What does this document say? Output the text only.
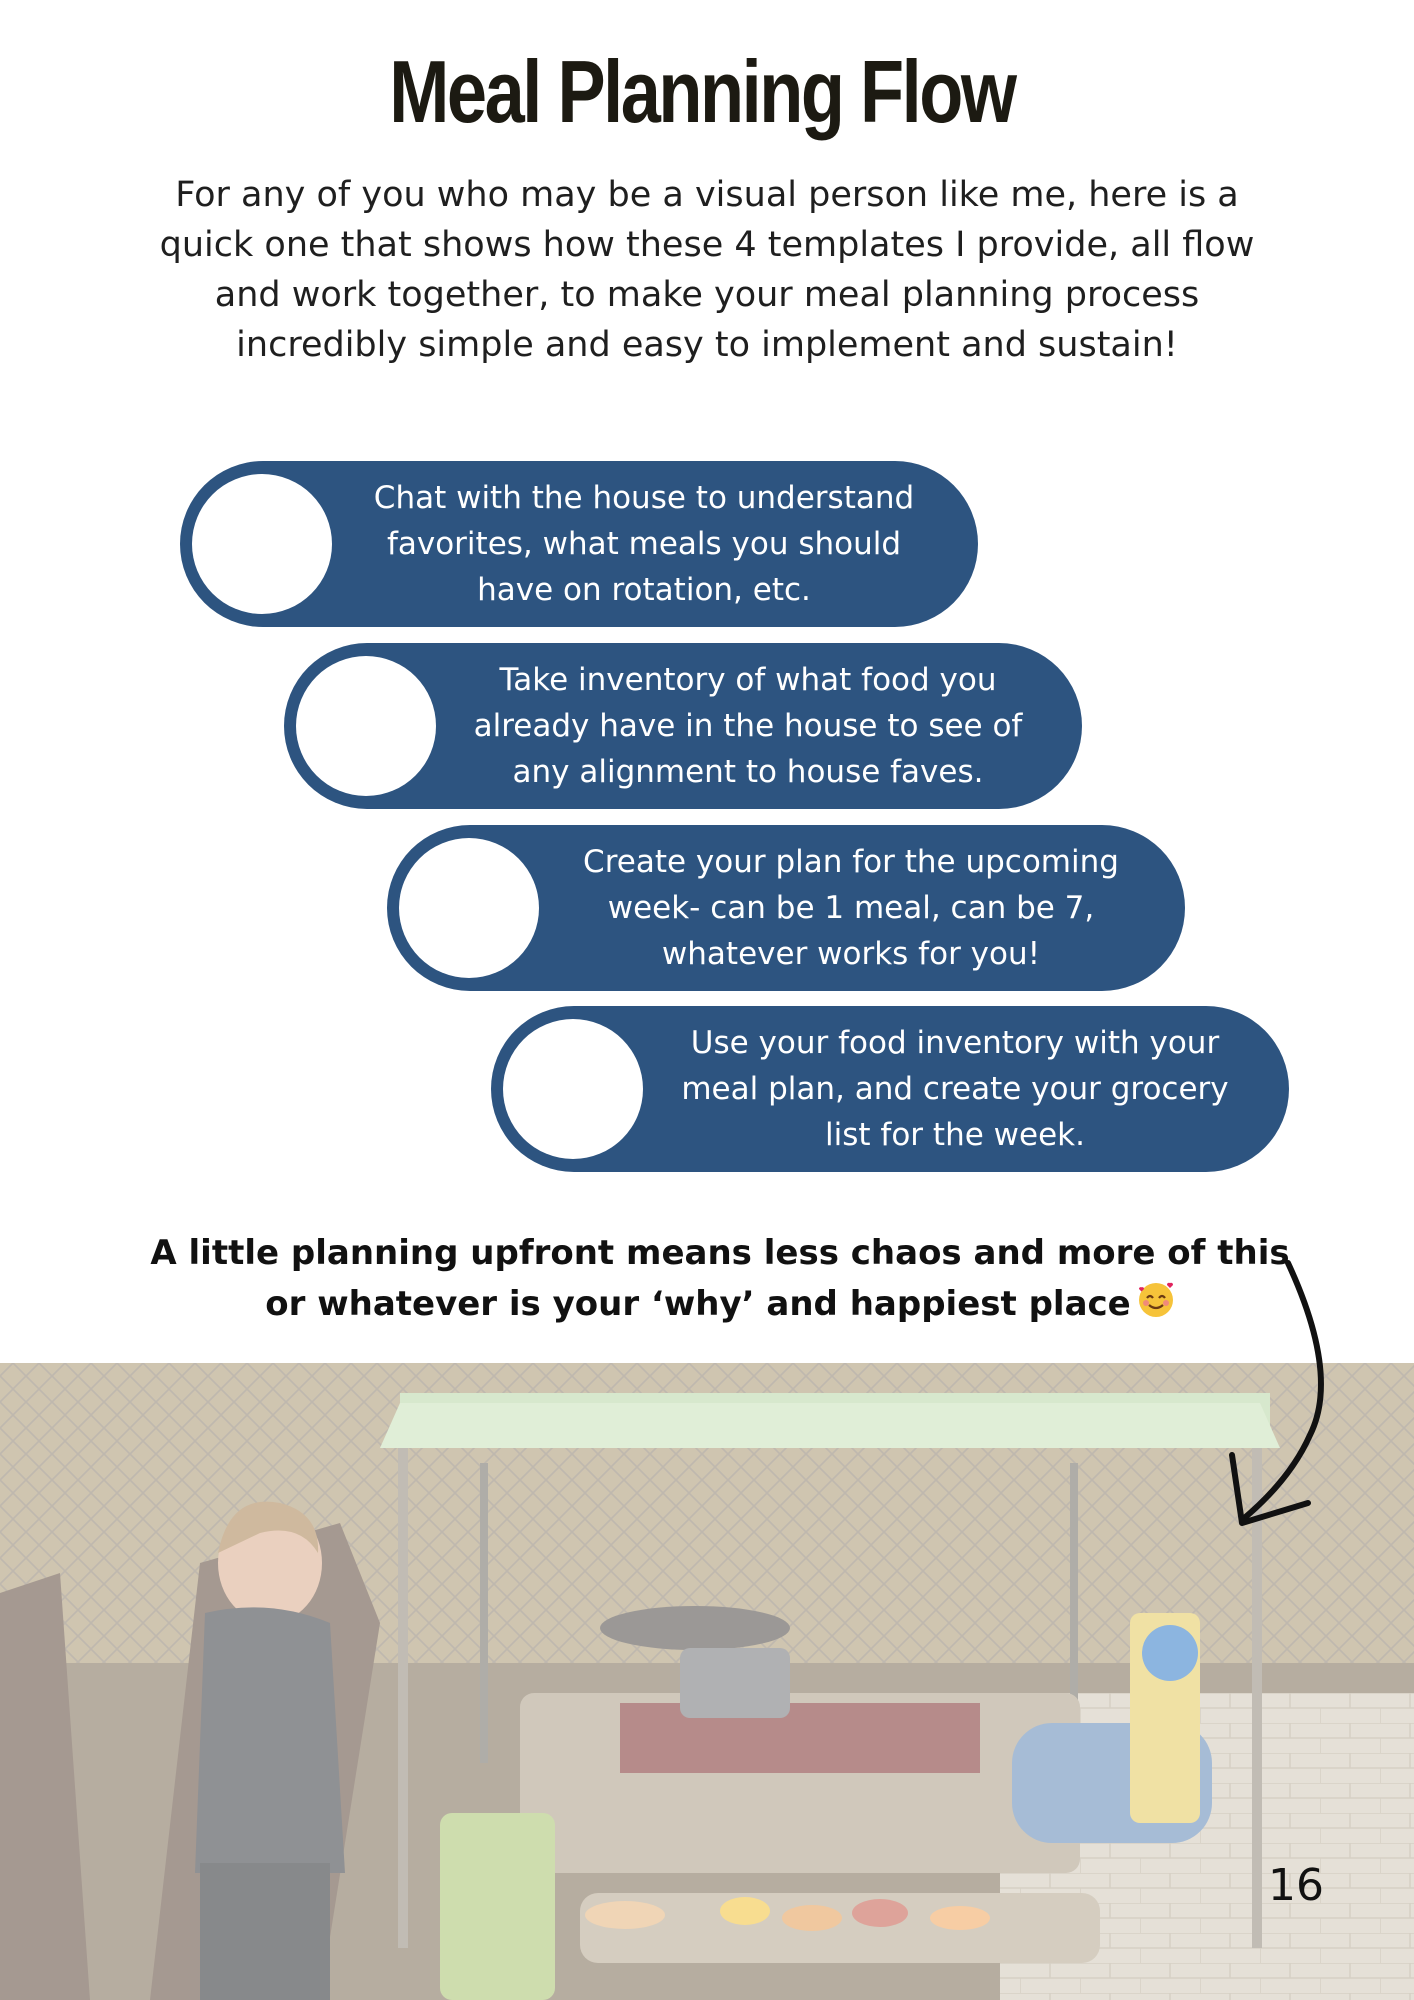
Meal Planning Flow

For any of you who may be a visual person like me, here is a quick one that shows how these 4 templates I provide, all flow and work together, to make your meal planning process incredibly simple and easy to implement and sustain!

Chat with the house to understand favorites, what meals you should have on rotation, etc.
Take inventory of what food you already have in the house to see of any alignment to house faves.
Create your plan for the upcoming week- can be 1 meal, can be 7, whatever works for you!
Use your food inventory with your meal plan, and create your grocery list for the week.

A little planning upfront means less chaos and more of this
or whatever is your ‘why’ and happiest place

16
